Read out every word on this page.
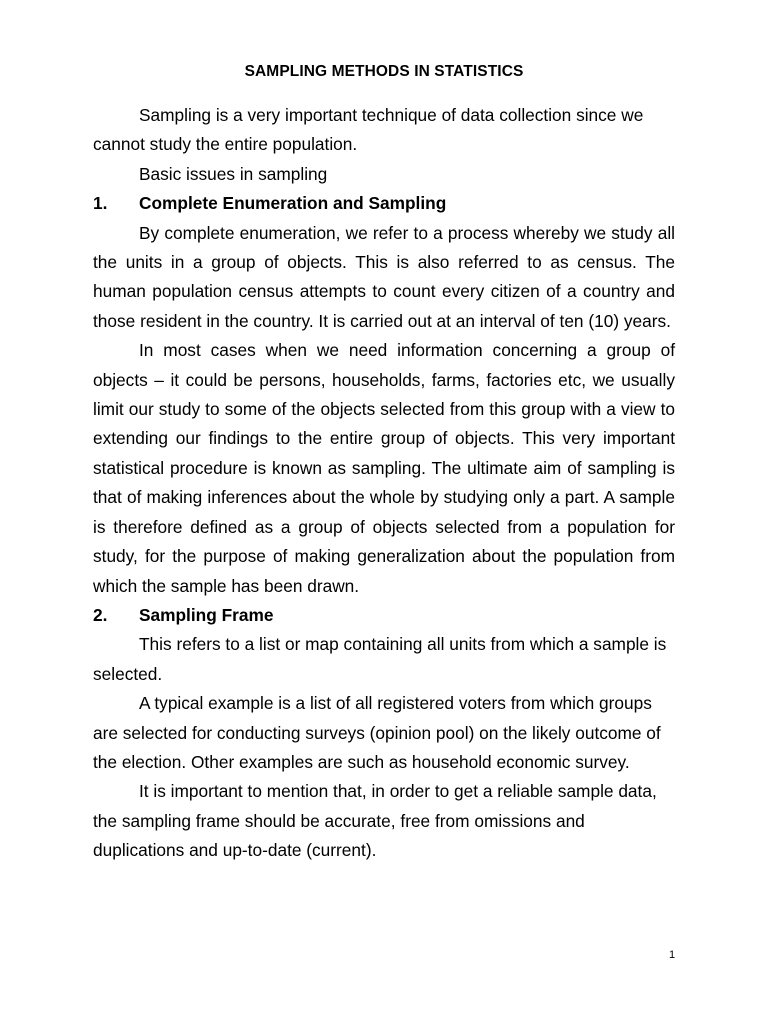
SAMPLING METHODS IN STATISTICS

Sampling is a very important technique of data collection since we cannot study the entire population.

Basic issues in sampling

1. Complete Enumeration and Sampling

By complete enumeration, we refer to a process whereby we study all the units in a group of objects. This is also referred to as census. The human population census attempts to count every citizen of a country and those resident in the country. It is carried out at an interval of ten (10) years.

In most cases when we need information concerning a group of objects – it could be persons, households, farms, factories etc, we usually limit our study to some of the objects selected from this group with a view to extending our findings to the entire group of objects. This very important statistical procedure is known as sampling. The ultimate aim of sampling is that of making inferences about the whole by studying only a part. A sample is therefore defined as a group of objects selected from a population for study, for the purpose of making generalization about the population from which the sample has been drawn.

2. Sampling Frame

This refers to a list or map containing all units from which a sample is selected.

A typical example is a list of all registered voters from which groups are selected for conducting surveys (opinion pool) on the likely outcome of the election. Other examples are such as household economic survey.

It is important to mention that, in order to get a reliable sample data, the sampling frame should be accurate, free from omissions and duplications and up-to-date (current).

1
